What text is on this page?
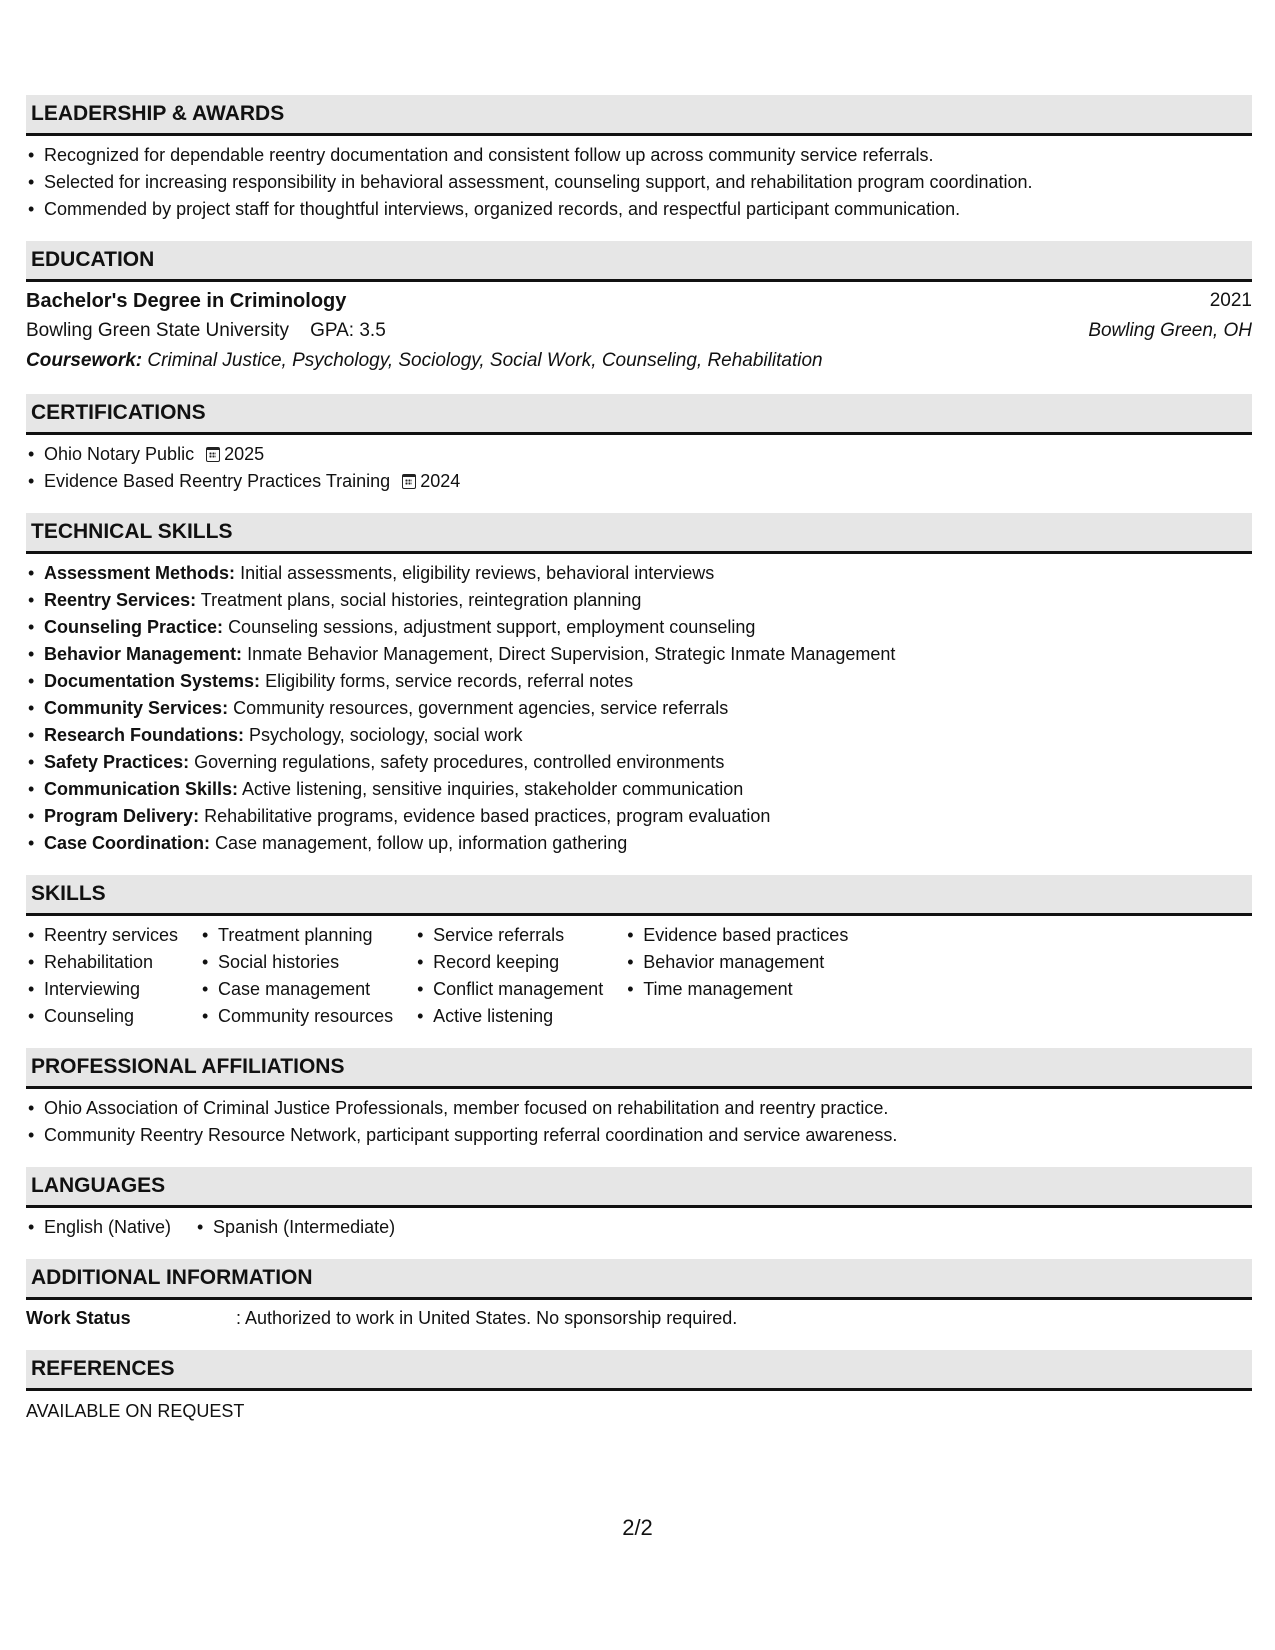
LEADERSHIP & AWARDS
• Recognized for dependable reentry documentation and consistent follow up across community service referrals.
• Selected for increasing responsibility in behavioral assessment, counseling support, and rehabilitation program coordination.
• Commended by project staff for thoughtful interviews, organized records, and respectful participant communication.
EDUCATION
Bachelor's Degree in Criminology	2021
Bowling Green State University GPA: 3.5	Bowling Green, OH
Coursework:
Criminal Justice, Psychology, Sociology, Social Work, Counseling, Rehabilitation
CERTIFICATIONS
• Ohio Notary Public 2025
• Evidence Based Reentry Practices Training 2024
TECHNICAL SKILLS
• Assessment Methods: Initial assessments, eligibility reviews, behavioral interviews
• Reentry Services: Treatment plans, social histories, reintegration planning
• Counseling Practice: Counseling sessions, adjustment support, employment counseling
• Behavior Management: Inmate Behavior Management, Direct Supervision, Strategic Inmate Management
• Documentation Systems: Eligibility forms, service records, referral notes
• Community Services: Community resources, government agencies, service referrals
• Research Foundations: Psychology, sociology, social work
• Safety Practices: Governing regulations, safety procedures, controlled environments
• Communication Skills: Active listening, sensitive inquiries, stakeholder communication
• Program Delivery: Rehabilitative programs, evidence based practices, program evaluation
• Case Coordination: Case management, follow up, information gathering
SKILLS
• Reentry services
• Rehabilitation
• Interviewing
• Counseling
• Treatment planning
• Social histories
• Case management
• Community resources
• Service referrals
• Record keeping
• Conflict management
• Active listening
• Evidence based practices
• Behavior management
• Time management
PROFESSIONAL AFFILIATIONS
• Ohio Association of Criminal Justice Professionals, member focused on rehabilitation and reentry practice.
• Community Reentry Resource Network, participant supporting referral coordination and service awareness.
LANGUAGES
• English (Native)
•	Spanish (Intermediate)
ADDITIONAL INFORMATION
Work Status	: Authorized to work in United States. No sponsorship required.
REFERENCES
AVAILABLE ON REQUEST
2/2
